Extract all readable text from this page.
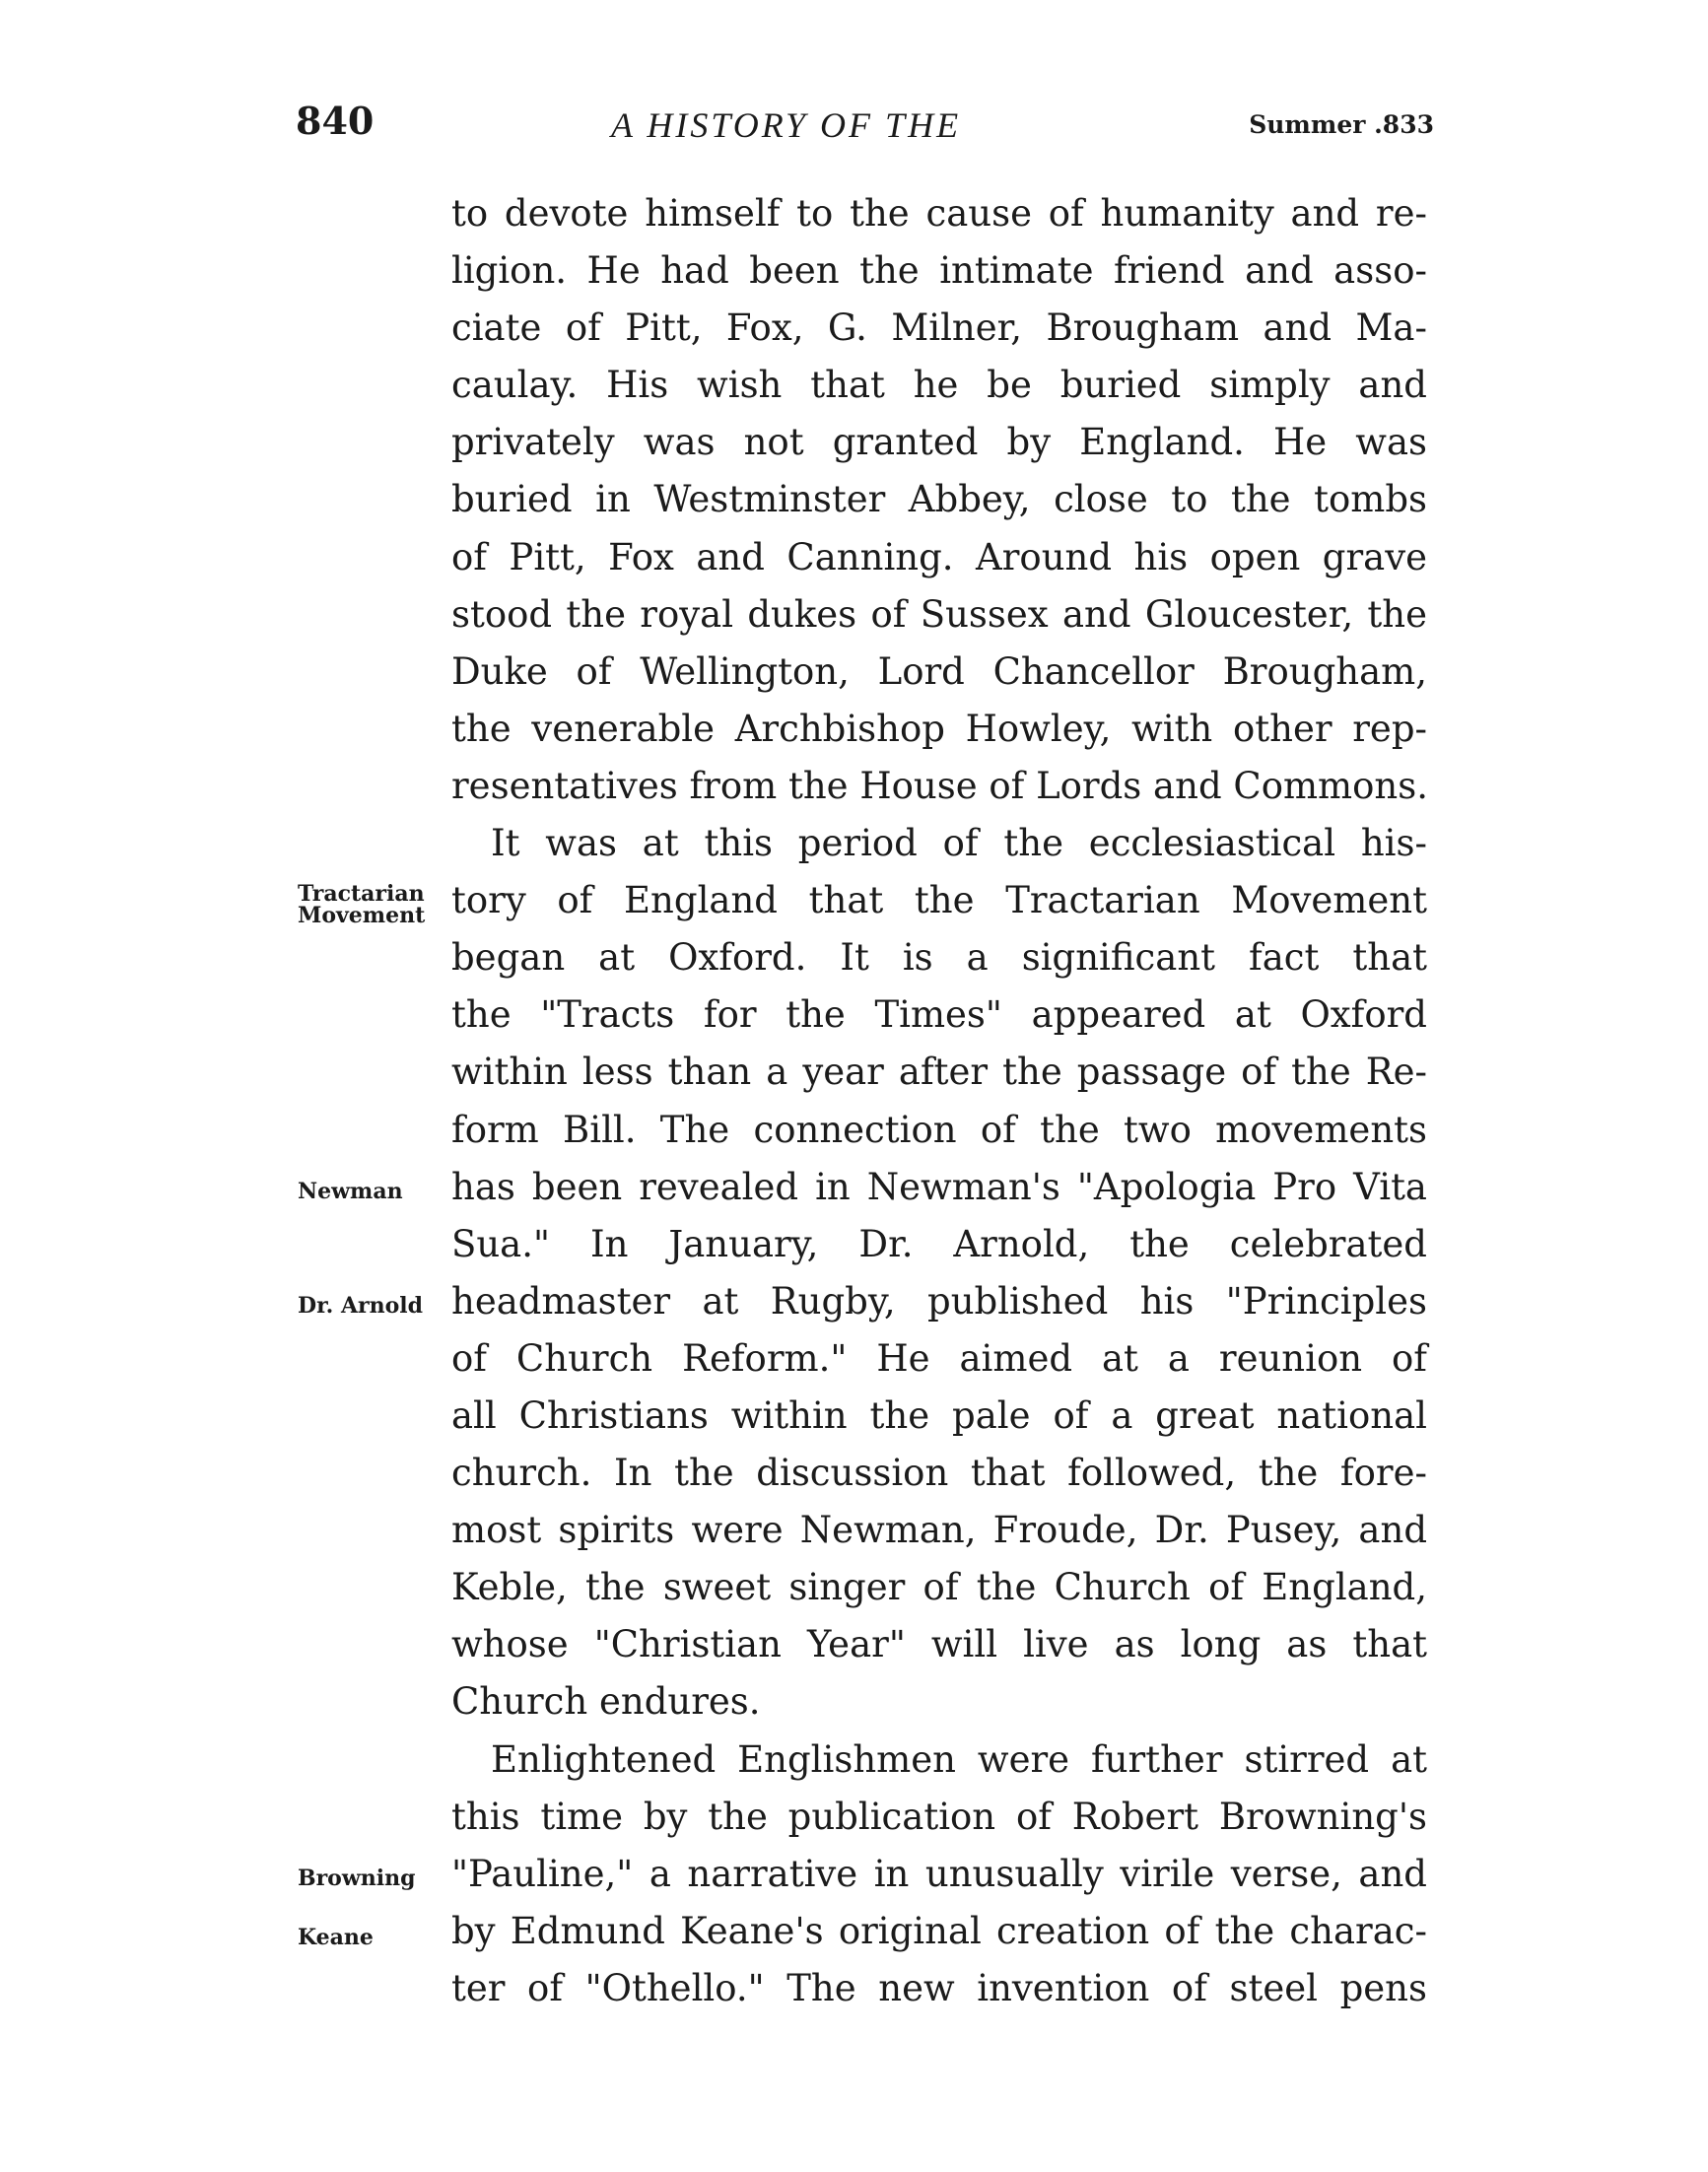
840	A HISTORY OF THE	Summer .833
to devote himself to the cause of humanity and re-
ligion. He had been the intimate friend and asso-
ciate of Pitt, Fox, G. Milner, Brougham and Ma-
caulay. His wish that he be buried simply and
privately was not granted by England. He was
buried in Westminster Abbey, close to the tombs
of Pitt, Fox and Canning. Around his open grave
stood the royal dukes of Sussex and Gloucester, the
Duke of Wellington, Lord Chancellor Brougham,
the venerable Archbishop Howley, with other rep-
resentatives from the House of Lords and Commons.
It was at this period of the ecclesiastical his-
tory of England that the Tractarian Movement
began at Oxford. It is a significant fact that
the "Tracts for the Times" appeared at Oxford
within less than a year after the passage of the Re-
form Bill. The connection of the two movements
has been revealed in Newman's "Apologia Pro Vita
Sua." In January, Dr. Arnold, the celebrated
headmaster at Rugby, published his "Principles
of Church Reform." He aimed at a reunion of
all Christians within the pale of a great national
church. In the discussion that followed, the fore-
most spirits were Newman, Froude, Dr. Pusey, and
Keble, the sweet singer of the Church of England,
whose "Christian Year" will live as long as that
Church endures.
Enlightened Englishmen were further stirred at
this time by the publication of Robert Browning's
"Pauline," a narrative in unusually virile verse, and
by Edmund Keane's original creation of the charac-
ter of "Othello." The new invention of steel pens
Tractarian
Movement
Newman
Dr. Arnold
Browning
Keane
